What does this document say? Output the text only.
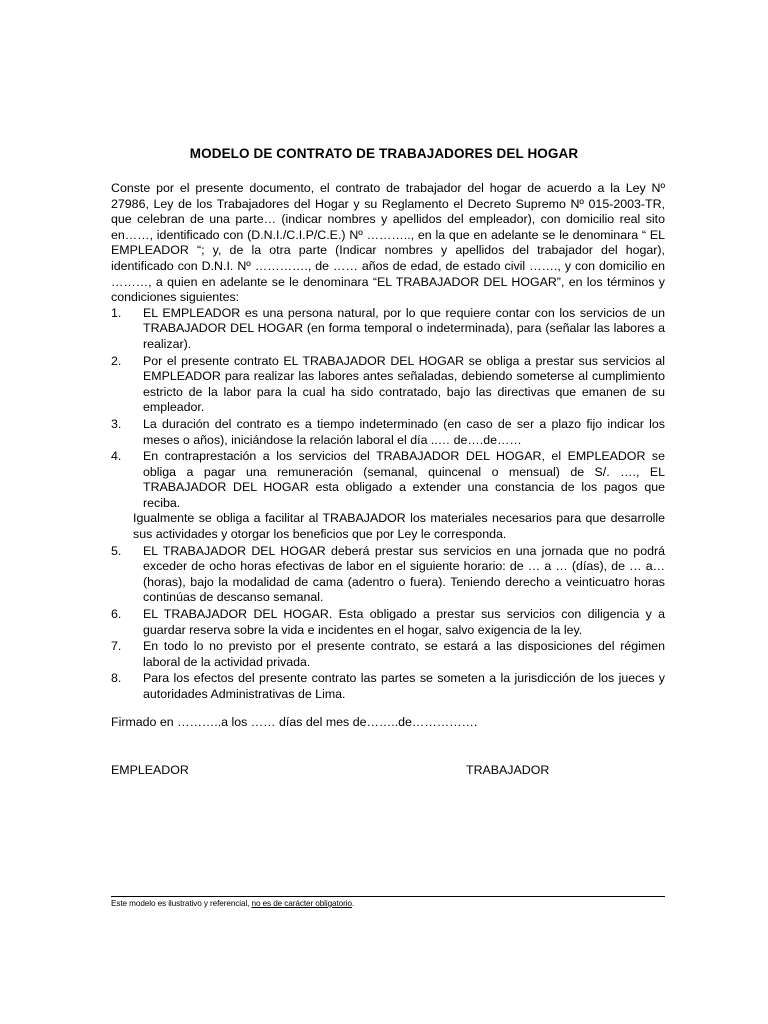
MODELO DE CONTRATO DE TRABAJADORES DEL HOGAR

Conste por el presente documento, el contrato de trabajador del hogar de acuerdo a la Ley Nº 27986, Ley de los Trabajadores del Hogar y su Reglamento el Decreto Supremo Nº 015-2003-TR, que celebran de una parte… (indicar nombres y apellidos del empleador), con domicilio real sito en……, identificado con (D.N.I./C.I.P/C.E.) Nº ……….., en la que en adelante se le denominara “ EL EMPLEADOR “; y, de la otra parte (Indicar nombres y apellidos del trabajador del hogar), identificado con D.N.I. Nº …………., de …… años de edad, de estado civil ……., y con domicilio en ………, a quien en adelante se le denominara “EL TRABAJADOR DEL HOGAR”, en los términos y condiciones siguientes:

1.	EL EMPLEADOR es una persona natural, por lo que requiere contar con los servicios de un TRABAJADOR DEL HOGAR (en forma temporal o indeterminada), para (señalar las labores a realizar).
2.	Por el presente contrato EL TRABAJADOR DEL HOGAR se obliga a prestar sus servicios al EMPLEADOR para realizar las labores antes señaladas, debiendo someterse al cumplimiento estricto de la labor para la cual ha sido contratado, bajo las directivas que emanen de su empleador.
3.	La duración del contrato es a tiempo indeterminado (en caso de ser a plazo fijo indicar los meses o años), iniciándose la relación laboral el día ..… de….de……
4.	En contraprestación a los servicios del TRABAJADOR DEL HOGAR, el EMPLEADOR se obliga a pagar una remuneración (semanal, quincenal o mensual) de S/. …., EL TRABAJADOR DEL HOGAR esta obligado a extender una constancia de los pagos que reciba.
Igualmente se obliga a facilitar al TRABAJADOR los materiales necesarios para que desarrolle sus actividades y otorgar los beneficios que por Ley le corresponda.
5.	EL TRABAJADOR DEL HOGAR deberá prestar sus servicios en una jornada que no podrá exceder de ocho horas efectivas de labor en el siguiente horario: de … a … (días), de … a… (horas), bajo la modalidad de cama (adentro o fuera). Teniendo derecho a veinticuatro horas continúas de descanso semanal.
6.	EL TRABAJADOR DEL HOGAR. Esta obligado a prestar sus servicios con diligencia y a guardar reserva sobre la vida e incidentes en el hogar, salvo exigencia de la ley.
7.	En todo lo no previsto por el presente contrato, se estará a las disposiciones del régimen laboral de la actividad privada.
8.	Para los efectos del presente contrato las partes se someten a la jurisdicción de los jueces y autoridades Administrativas de Lima.
Firmado en ………..a los …… días del mes de……..de…………….
EMPLEADOR	TRABAJADOR
Este modelo es ilustrativo y referencial, no es de carácter obligatorio.
